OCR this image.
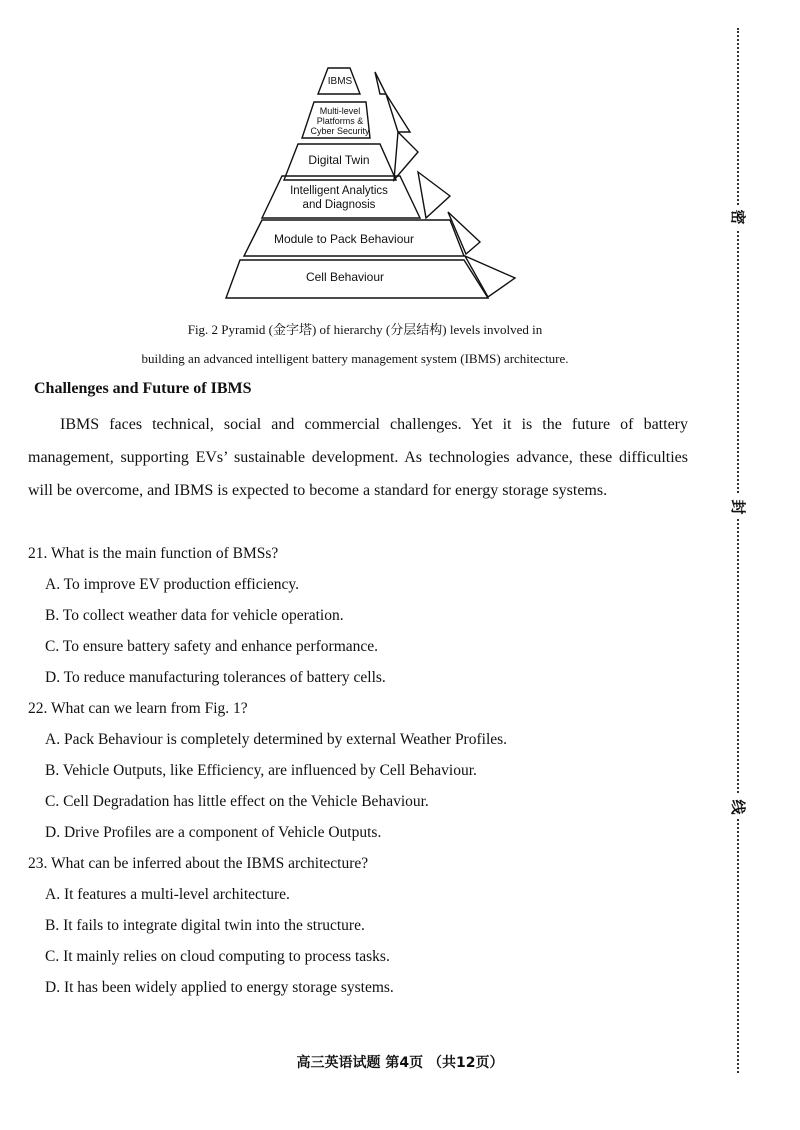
IBMS
Multi-level
Platforms &
Cyber Security
Digital Twin
Intelligent Analytics
and Diagnosis
Module to Pack Behaviour
Cell Behaviour
Fig. 2 Pyramid (金字塔) of hierarchy (分层结构) levels involved in
building an advanced intelligent battery management system (IBMS) architecture.
Challenges and Future of IBMS
IBMS faces technical, social and commercial challenges. Yet it is the future of battery
management, supporting EVs’ sustainable development. As technologies advance, these difficulties
will be overcome, and IBMS is expected to become a standard for energy storage systems.
21. What is the main function of BMSs?
A. To improve EV production efficiency.
B. To collect weather data for vehicle operation.
C. To ensure battery safety and enhance performance.
D. To reduce manufacturing tolerances of battery cells.
22. What can we learn from Fig. 1?
A. Pack Behaviour is completely determined by external Weather Profiles.
B. Vehicle Outputs, like Efficiency, are influenced by Cell Behaviour.
C. Cell Degradation has little effect on the Vehicle Behaviour.
D. Drive Profiles are a component of Vehicle Outputs.
23. What can be inferred about the IBMS architecture?
A. It features a multi-level architecture.
B. It fails to integrate digital twin into the structure.
C. It mainly relies on cloud computing to process tasks.
D. It has been widely applied to energy storage systems.
密
封
线
高三英语试题 第4页 （共12页）
